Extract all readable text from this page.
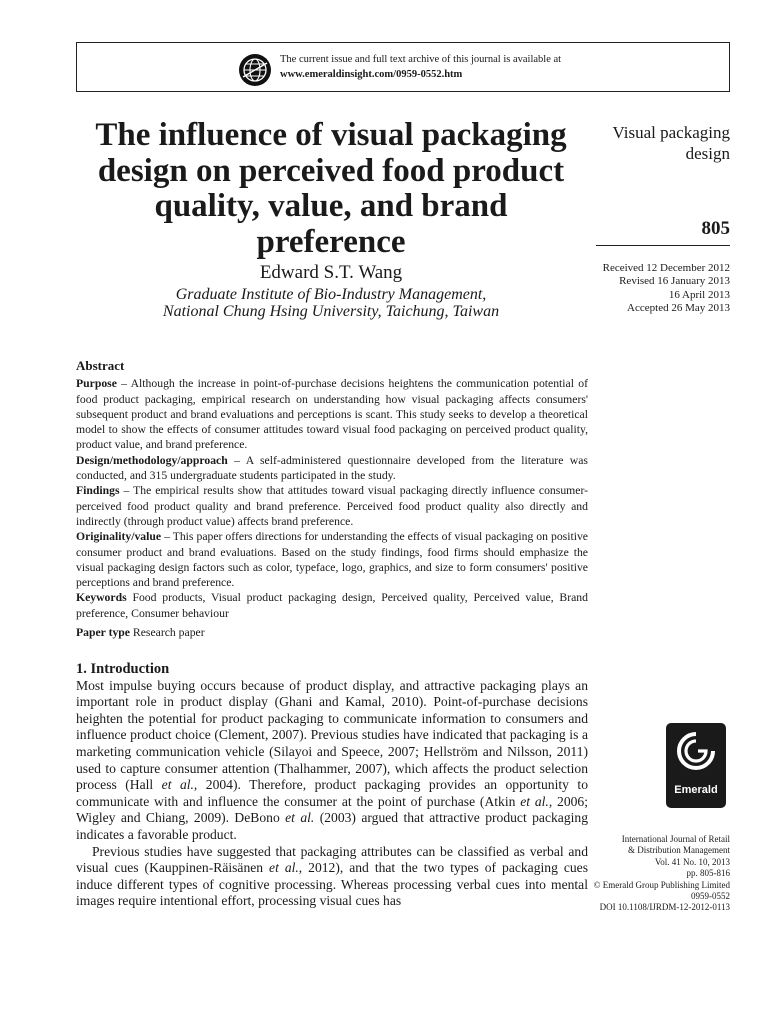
The current issue and full text archive of this journal is available at
www.emeraldinsight.com/0959-0552.htm
The influence of visual packaging design on perceived food product quality, value, and brand preference
Edward S.T. Wang
Graduate Institute of Bio-Industry Management,
National Chung Hsing University, Taichung, Taiwan
Visual packaging design
805
Received 12 December 2012
Revised 16 January 2013
16 April 2013
Accepted 26 May 2013
Abstract

Purpose – Although the increase in point-of-purchase decisions heightens the communication potential of food product packaging, empirical research on understanding how visual packaging affects consumers' subsequent product and brand evaluations and perceptions is scant. This study seeks to develop a theoretical model to show the effects of consumer attitudes toward visual food packaging on perceived product quality, product value, and brand preference.

Design/methodology/approach – A self-administered questionnaire developed from the literature was conducted, and 315 undergraduate students participated in the study.

Findings – The empirical results show that attitudes toward visual packaging directly influence consumer-perceived food product quality and brand preference. Perceived food product quality also directly and indirectly (through product value) affects brand preference.

Originality/value – This paper offers directions for understanding the effects of visual packaging on positive consumer product and brand evaluations. Based on the study findings, food firms should emphasize the visual packaging design factors such as color, typeface, logo, graphics, and size to form consumers' positive perceptions and brand preference.

Keywords Food products, Visual product packaging design, Perceived quality, Perceived value, Brand preference, Consumer behaviour

Paper type Research paper

1. Introduction

Most impulse buying occurs because of product display, and attractive packaging plays an important role in product display (Ghani and Kamal, 2010). Point-of-purchase decisions heighten the potential for product packaging to communicate information to consumers and influence product choice (Clement, 2007). Previous studies have indicated that packaging is a marketing communication vehicle (Silayoi and Speece, 2007; Hellström and Nilsson, 2011) used to capture consumer attention (Thalhammer, 2007), which affects the product selection process (Hall et al., 2004). Therefore, product packaging provides an opportunity to communicate with and influence the consumer at the point of purchase (Atkin et al., 2006; Wigley and Chiang, 2009). DeBono et al. (2003) argued that attractive product packaging indicates a favorable product.

Previous studies have suggested that packaging attributes can be classified as verbal and visual cues (Kauppinen-Räisänen et al., 2012), and that the two types of packaging cues induce different types of cognitive processing. Whereas processing verbal cues into mental images require intentional effort, processing visual cues has

Emerald
International Journal of Retail
& Distribution Management
Vol. 41 No. 10, 2013
pp. 805-816
© Emerald Group Publishing Limited
0959-0552
DOI 10.1108/IJRDM-12-2012-0113
